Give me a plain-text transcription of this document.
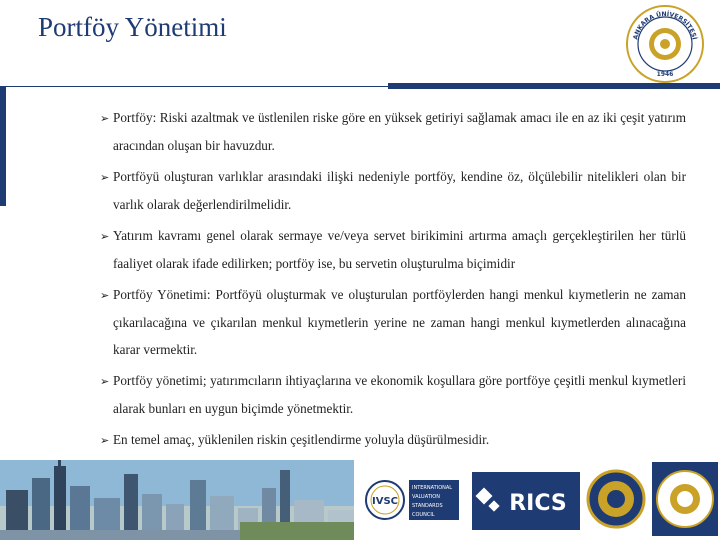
Portföy Yönetimi	ANKARA ÜNİVERSİTESİ
1946
➢ Portföy: Riski azaltmak ve üstlenilen riske göre en yüksek getiriyi sağlamak amacı ile en az iki çeşit yatırım aracından oluşan bir havuzdur.
➢ Portföyü oluşturan varlıklar arasındaki ilişki nedeniyle portföy, kendine öz, ölçülebilir nitelikleri olan bir varlık olarak değerlendirilmelidir.
➢ Yatırım kavramı genel olarak sermaye ve/veya servet birikimini artırma amaçlı gerçekleştirilen her türlü faaliyet olarak ifade edilirken; portföy ise, bu servetin oluşturulma biçimidir
➢ Portföy Yönetimi: Portföyü oluşturmak ve oluşturulan portföylerden hangi menkul kıymetlerin ne zaman çıkarılacağına ve çıkarılan menkul kıymetlerin yerine ne zaman hangi menkul kıymetlerden alınacağına karar vermektir.
➢ Portföy yönetimi; yatırımcıların ihtiyaçlarına ve ekonomik koşullara göre portföye çeşitli menkul kıymetleri alarak bunları en uygun biçimde yönetmektir.
➢ En temel amaç, yüklenilen riskin çeşitlendirme yoluyla düşürülmesidir.
IVSC
INTERNATIONAL
VALUATION
STANDARDS
COUNCIL	RICS
